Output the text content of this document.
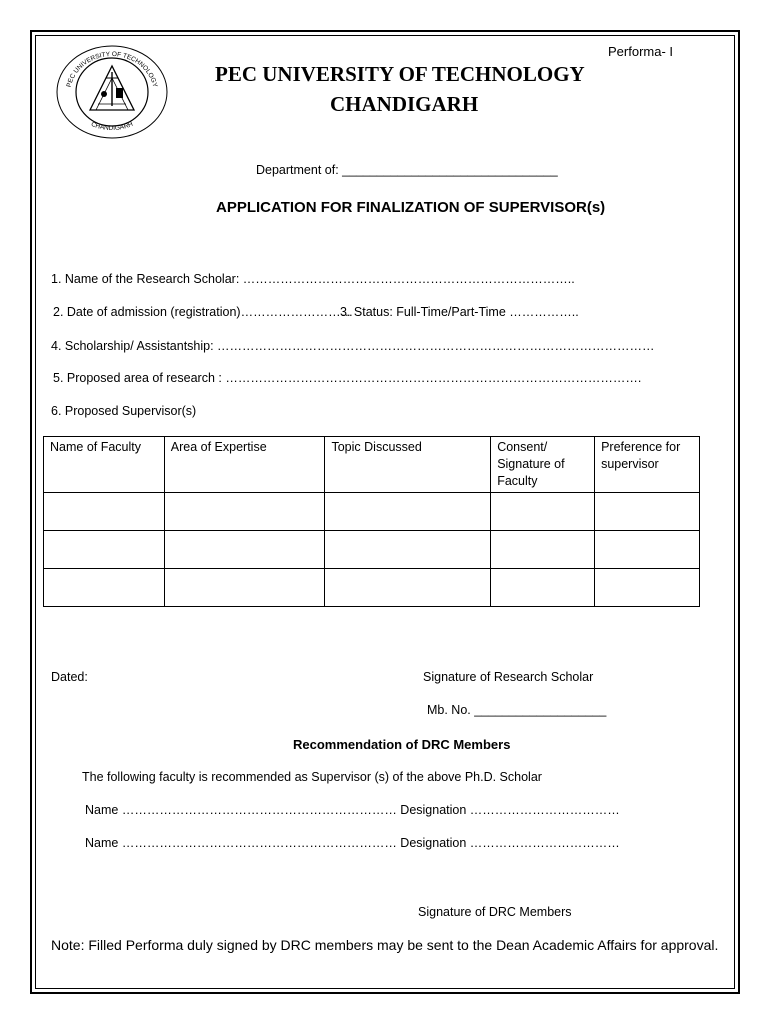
Performa- I
PEC UNIVERSITY OF TECHNOLOGY
CHANDIGARH
PEC UNIVERSITY OF TECHNOLOGY
CHANDIGARH
Department of: _______________________________
APPLICATION FOR FINALIZATION OF SUPERVISOR(s)
1. Name of the Research Scholar: ……………………………………………………………………..
2. Date of admission (registration)………………………
3. Status: Full-Time/Part-Time ……………..
4. Scholarship/ Assistantship: ……………………………………………………………………………………………
5. Proposed area of research : ……………………………………………………………………………………….
6. Proposed Supervisor(s)
Name of Faculty	Area of Expertise	Topic Discussed	Consent/ Signature of Faculty	Preference for supervisor

Dated:	Signature of Research Scholar
Mb. No. ___________________
Recommendation of DRC Members
The following faculty is recommended as Supervisor (s) of the above Ph.D. Scholar
Name ………………………………………………………… Designation ………………………………
Name ………………………………………………………… Designation ………………………………
Signature of DRC Members
Note: Filled Performa duly signed by DRC members may be sent to the Dean Academic Affairs for approval.
